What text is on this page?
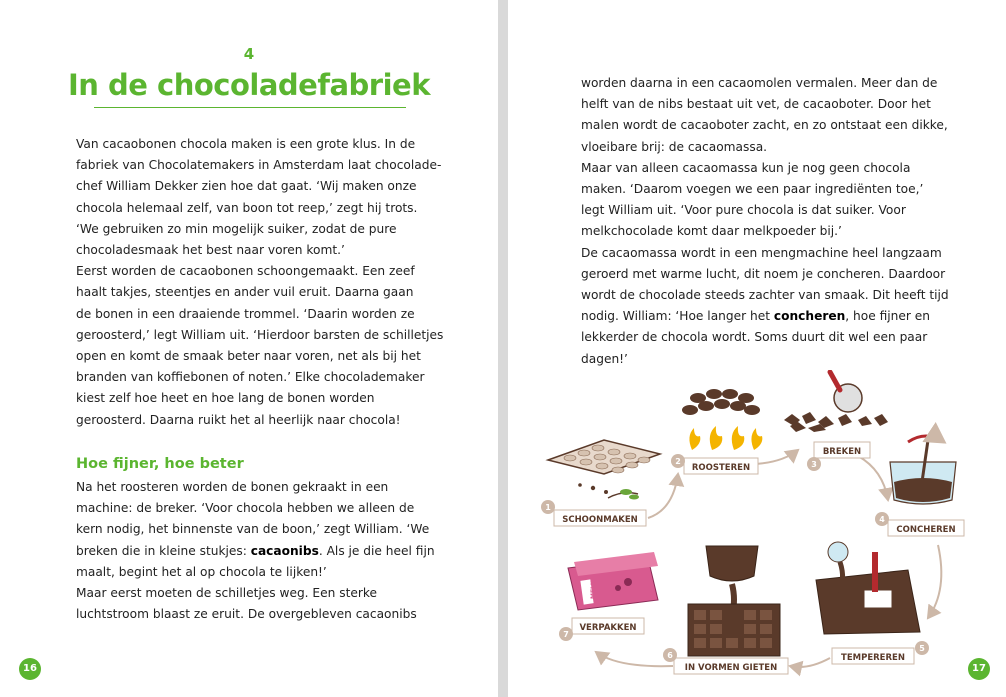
4
In de chocoladefabriek
Van cacaobonen chocola maken is een grote klus. In de
fabriek van Chocolatemakers in Amsterdam laat chocolade-
chef William Dekker zien hoe dat gaat. ‘Wij maken onze
chocola helemaal zelf, van boon tot reep,’ zegt hij trots.
‘We gebruiken zo min mogelijk suiker, zodat de pure
chocoladesmaak het best naar voren komt.’
Eerst worden de cacaobonen schoongemaakt. Een zeef
haalt takjes, steentjes en ander vuil eruit. Daarna gaan
de bonen in een draaiende trommel. ‘Daarin worden ze
geroosterd,’ legt William uit. ‘Hierdoor barsten de schilletjes
open en komt de smaak beter naar voren, net als bij het
branden van koffiebonen of noten.’ Elke chocolademaker
kiest zelf hoe heet en hoe lang de bonen worden
geroosterd. Daarna ruikt het al heerlijk naar chocola!
Hoe fijner, hoe beter
Na het roosteren worden de bonen gekraakt in een
machine: de breker. ‘Voor chocola hebben we alleen de
kern nodig, het binnenste van de boon,’ zegt William. ‘We
breken die in kleine stukjes: cacaonibs. Als je die heel fijn
maalt, begint het al op chocola te lijken!’
Maar eerst moeten de schilletjes weg. Een sterke
luchtstroom blaast ze eruit. De overgebleven cacaonibs
16
worden daarna in een cacaomolen vermalen. Meer dan de
helft van de nibs bestaat uit vet, de cacaoboter. Door het
malen wordt de cacaoboter zacht, en zo ontstaat een dikke,
vloeibare brij: de cacaomassa.
Maar van alleen cacaomassa kun je nog geen chocola
maken. ‘Daarom voegen we een paar ingrediënten toe,’
legt William uit. ‘Voor pure chocola is dat suiker. Voor
melkchocolade komt daar melkpoeder bij.’
De cacaomassa wordt in een mengmachine heel langzaam
geroerd met warme lucht, dit noem je concheren. Daardoor
wordt de chocolade steeds zachter van smaak. Dit heeft tijd
nodig. William: ‘Hoe langer het concheren, hoe fijner en
lekkerder de chocola wordt. Soms duurt dit wel een paar
dagen!’
17
MELK
1
SCHOONMAKEN
2
ROOSTEREN	3
BREKEN
4
CONCHEREN
5
TEMPEREREN
6
IN VORMEN GIETEN
7
VERPAKKEN
